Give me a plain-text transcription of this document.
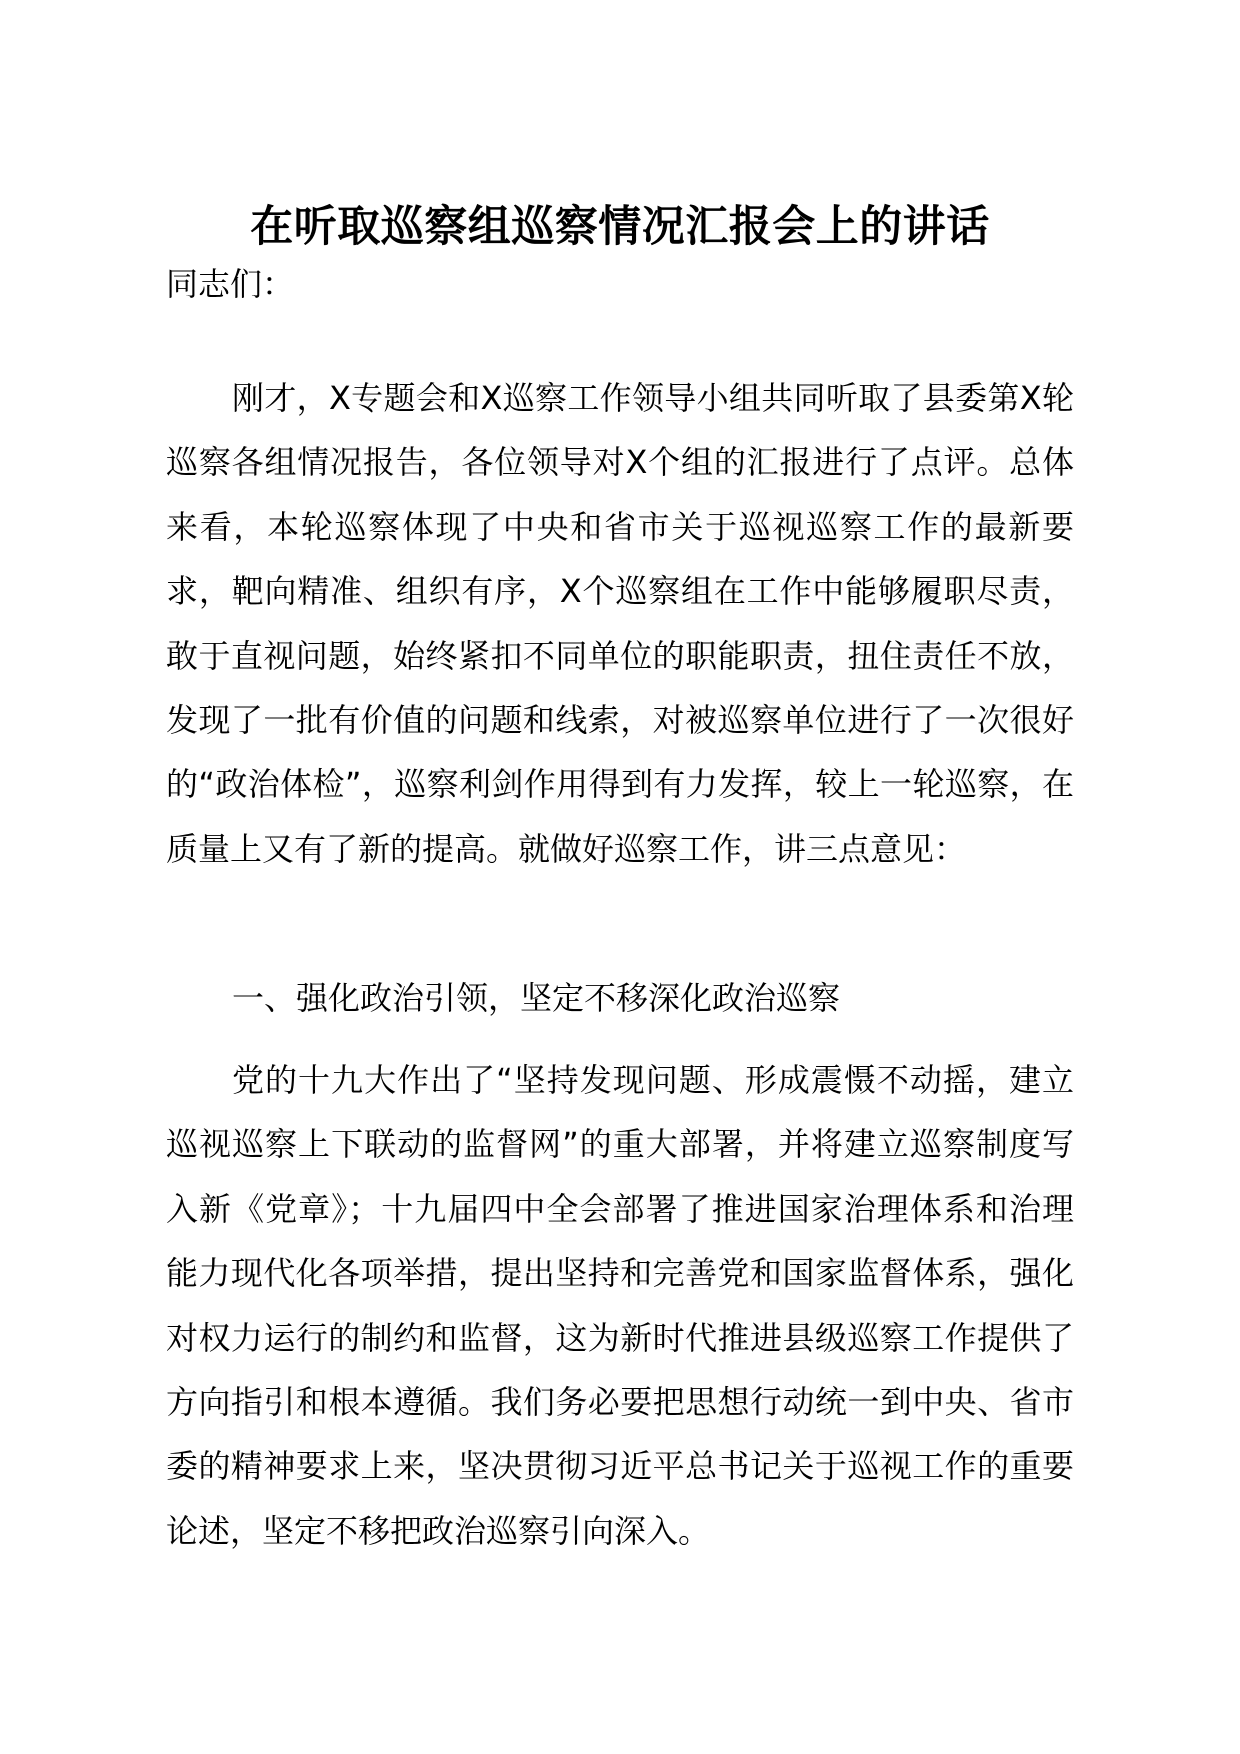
在听取巡察组巡察情况汇报会上的讲话
同志们：

刚才，X专题会和X巡察工作领导小组共同听取了县委第X轮巡察各组情况报告，各位领导对X个组的汇报进行了点评。总体来看，本轮巡察体现了中央和省市关于巡视巡察工作的最新要求，靶向精准、组织有序，X个巡察组在工作中能够履职尽责，敢于直视问题，始终紧扣不同单位的职能职责，扭住责任不放，发现了一批有价值的问题和线索，对被巡察单位进行了一次很好的“政治体检”，巡察利剑作用得到有力发挥，较上一轮巡察，在质量上又有了新的提高。就做好巡察工作，讲三点意见：

一、强化政治引领，坚定不移深化政治巡察

党的十九大作出了“坚持发现问题、形成震慑不动摇，建立巡视巡察上下联动的监督网”的重大部署，并将建立巡察制度写入新《党章》；十九届四中全会部署了推进国家治理体系和治理能力现代化各项举措，提出坚持和完善党和国家监督体系，强化对权力运行的制约和监督，这为新时代推进县级巡察工作提供了方向指引和根本遵循。我们务必要把思想行动统一到中央、省市委的精神要求上来，坚决贯彻习近平总书记关于巡视工作的重要论述，坚定不移把政治巡察引向深入。
